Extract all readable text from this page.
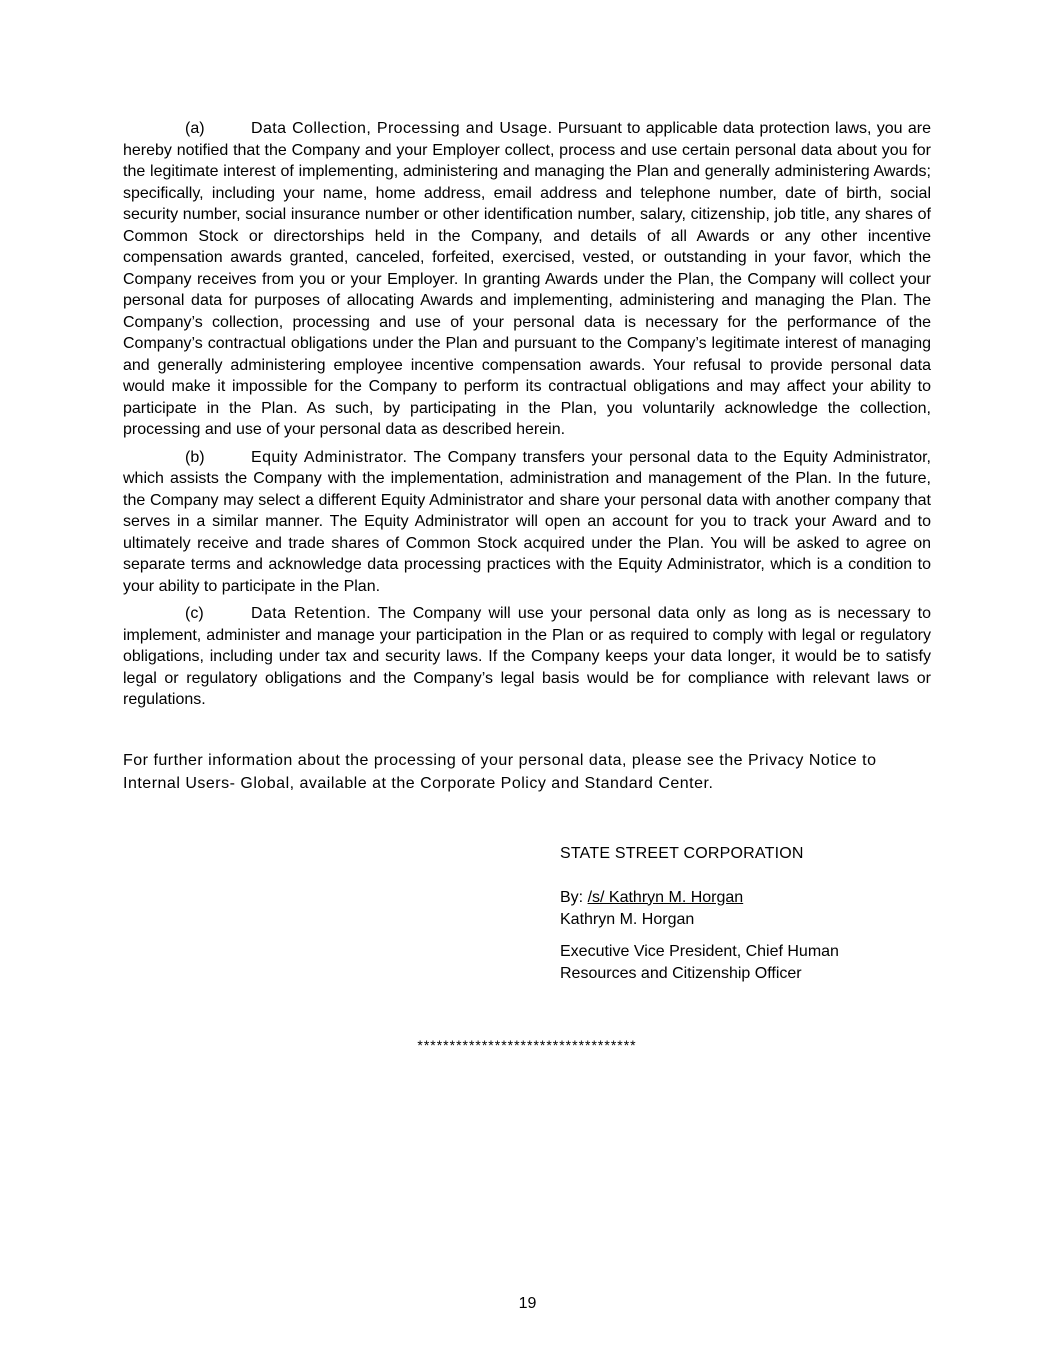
(a)	Data Collection, Processing and Usage. Pursuant to applicable data protection laws, you are hereby notified that the Company and your Employer collect, process and use certain personal data about you for the legitimate interest of implementing, administering and managing the Plan and generally administering Awards; specifically, including your name, home address, email address and telephone number, date of birth, social security number, social insurance number or other identification number, salary, citizenship, job title, any shares of Common Stock or directorships held in the Company, and details of all Awards or any other incentive compensation awards granted, canceled, forfeited, exercised, vested, or outstanding in your favor, which the Company receives from you or your Employer. In granting Awards under the Plan, the Company will collect your personal data for purposes of allocating Awards and implementing, administering and managing the Plan. The Company’s collection, processing and use of your personal data is necessary for the performance of the Company’s contractual obligations under the Plan and pursuant to the Company’s legitimate interest of managing and generally administering employee incentive compensation awards. Your refusal to provide personal data would make it impossible for the Company to perform its contractual obligations and may affect your ability to participate in the Plan. As such, by participating in the Plan, you voluntarily acknowledge the collection, processing and use of your personal data as described herein.

(b)	Equity Administrator. The Company transfers your personal data to the Equity Administrator, which assists the Company with the implementation, administration and management of the Plan. In the future, the Company may select a different Equity Administrator and share your personal data with another company that serves in a similar manner. The Equity Administrator will open an account for you to track your Award and to ultimately receive and trade shares of Common Stock acquired under the Plan. You will be asked to agree on separate terms and acknowledge data processing practices with the Equity Administrator, which is a condition to your ability to participate in the Plan.

(c)	Data Retention. The Company will use your personal data only as long as is necessary to implement, administer and manage your participation in the Plan or as required to comply with legal or regulatory obligations, including under tax and security laws. If the Company keeps your data longer, it would be to satisfy legal or regulatory obligations and the Company’s legal basis would be for compliance with relevant laws or regulations.

For further information about the processing of your personal data, please see the Privacy Notice to Internal Users- Global, available at the Corporate Policy and Standard Center.

STATE STREET CORPORATION
By: /s/ Kathryn M. Horgan
Kathryn M. Horgan
Executive Vice President, Chief Human Resources and Citizenship Officer
**********************************
19
